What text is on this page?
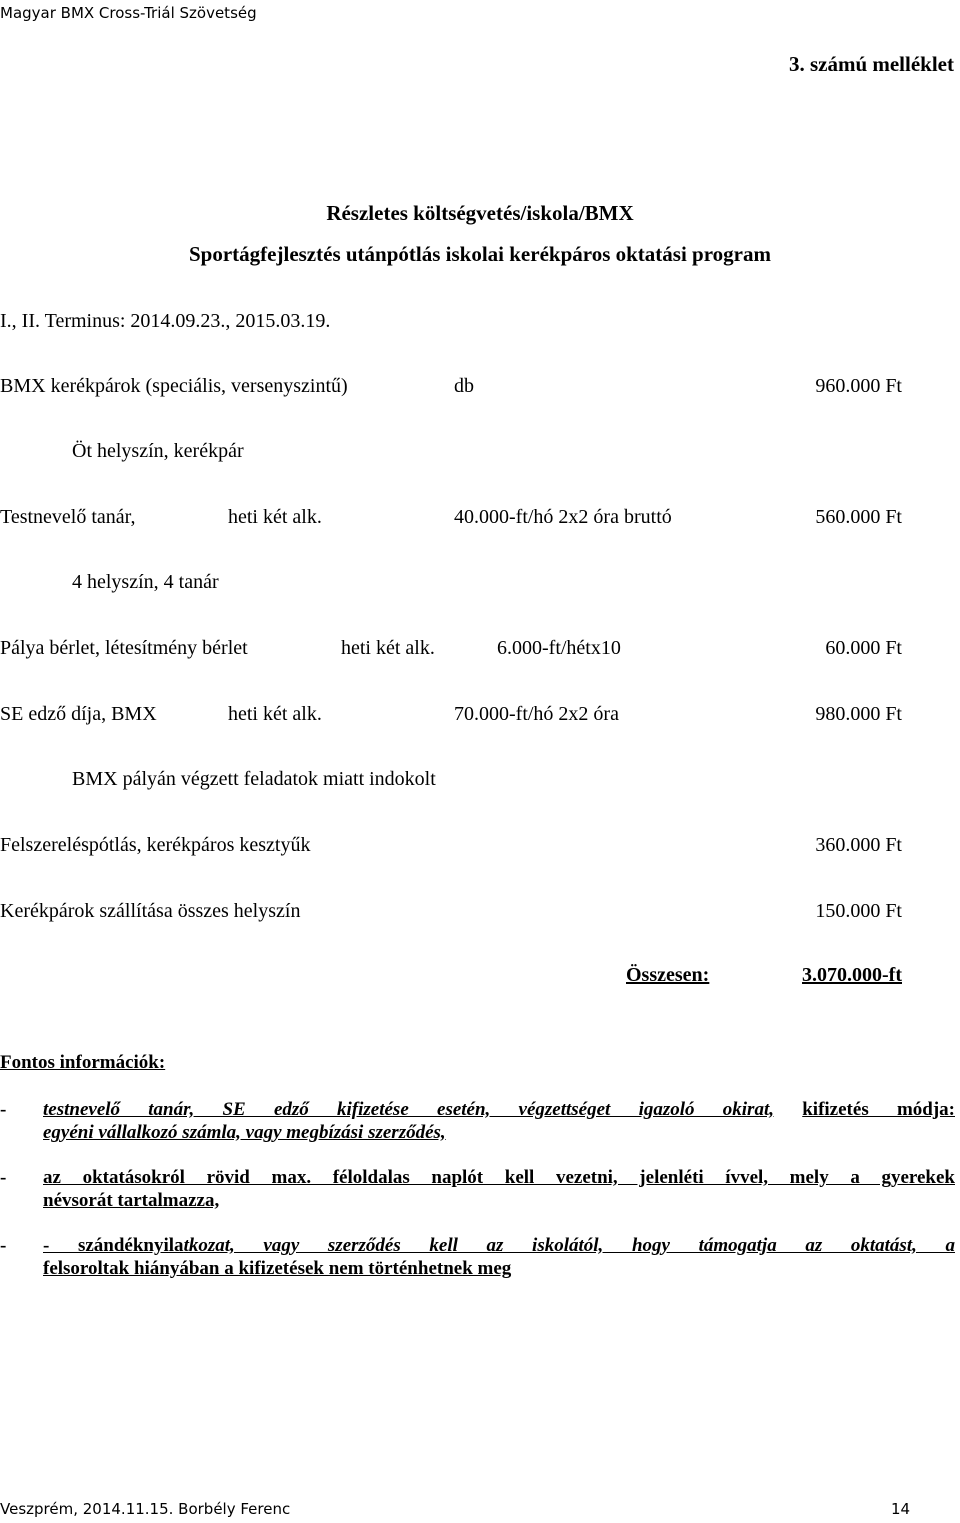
Magyar BMX Cross-Triál Szövetség
3. számú melléklet
Részletes költségvetés/iskola/BMX
Sportágfejlesztés utánpótlás iskolai kerékpáros oktatási program
I., II. Terminus: 2014.09.23., 2015.03.19.
BMX kerékpárok (speciális, versenyszintű)	db	960.000 Ft
Öt helyszín, kerékpár
Testnevelő tanár,	heti két alk.	40.000-ft/hó 2x2 óra bruttó	560.000 Ft
4 helyszín, 4 tanár
Pálya bérlet, létesítmény bérlet	heti két alk.	6.000-ft/hétx10	60.000 Ft
SE edző díja, BMX	heti két alk.	70.000-ft/hó 2x2 óra	980.000 Ft
BMX pályán végzett feladatok miatt indokolt
Felszereléspótlás, kerékpáros kesztyűk	360.000 Ft
Kerékpárok szállítása összes helyszín	150.000 Ft
Összesen:	3.070.000-ft
Fontos információk:
- testnevelő tanár, SE edző kifizetése esetén, végzettséget igazoló okirat, kifizetés módja:
egyéni vállalkozó számla, vagy megbízási szerződés,
- az oktatásokról rövid max. féloldalas naplót kell vezetni, jelenléti ívvel, mely a gyerekek
névsorát tartalmazza,
- - szándéknyilatkozat, vagy szerződés kell az iskolától, hogy támogatja az oktatást, a
felsoroltak hiányában a kifizetések nem történhetnek meg
Veszprém, 2014.11.15. Borbély Ferenc	14
